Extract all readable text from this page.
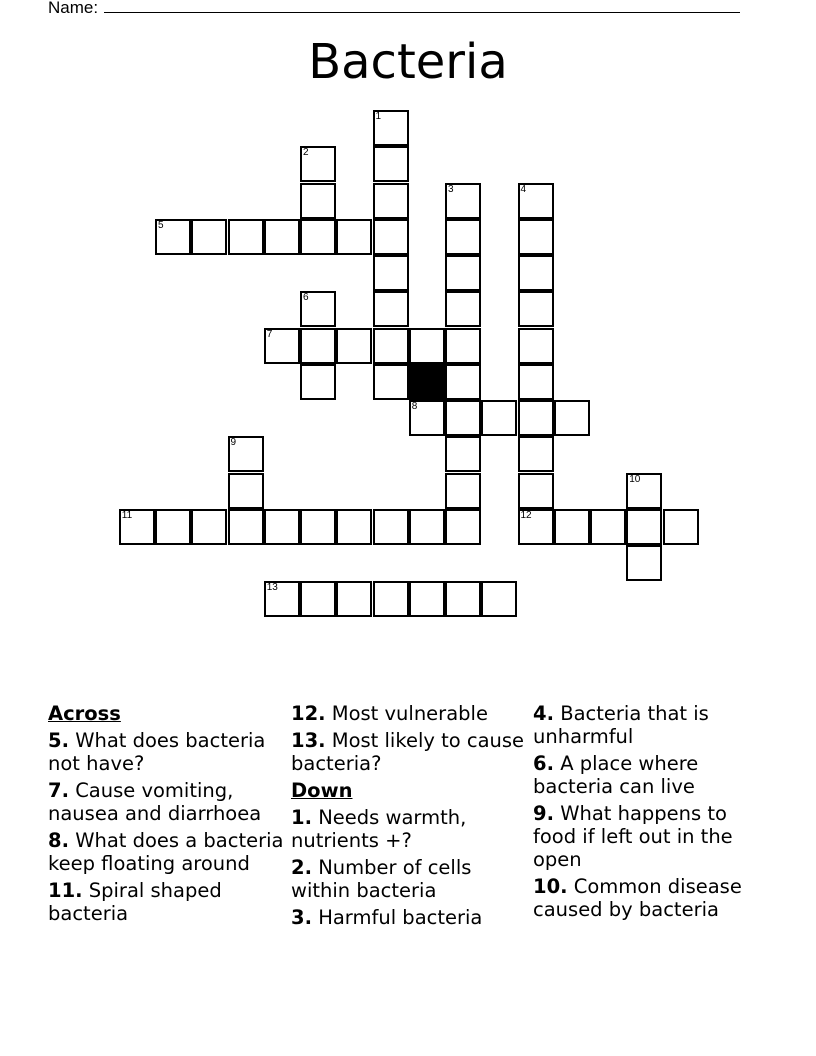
Name:
Bacteria
1
2
3	4
12
5
6
7
8
9
10
11
13
Across
5. What does bacteria not have?
7. Cause vomiting, nausea and diarrhoea
8. What does a bacteria keep floating around
11. Spiral shaped bacteria
12. Most vulnerable
13. Most likely to cause bacteria?
Down
1. Needs warmth, nutrients +?
2. Number of cells within bacteria
3. Harmful bacteria
4. Bacteria that is unharmful
6. A place where bacteria can live
9. What happens to food if left out in the open
10. Common disease caused by bacteria
